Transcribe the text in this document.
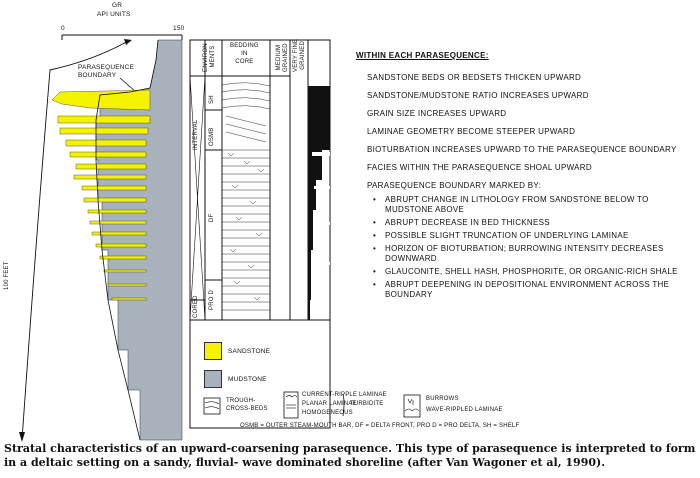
GR
API UNITS
0	150
PARASEQUENCE
BOUNDARY
100 FEET
ENVIRON-
MENTS BEDDING
IN
CORE	MEDIUM
GRAINED VERY FINE
GRAINED
INTERVAL
CORED
SH
OSMB
DF
PRO D
SANDSTONE
MUDSTONE
TROUGH-
CROSS-BEDS
CURRENT-RIPPLE LAMINAE
PLANAR LAMINAE
HOMOGENEOUS
TURBIDITE
BURROWS
WAVE-RIPPLED LAMINAE
OSMB = OUTER STEAM-MOUTH BAR, DF = DELTA FRONT, PRO D = PRO DELTA, SH = SHELF
WITHIN EACH PARASEQUENCE:
SANDSTONE BEDS OR BEDSETS THICKEN UPWARD
SANDSTONE/MUDSTONE RATIO INCREASES UPWARD
GRAIN SIZE INCREASES UPWARD
LAMINAE GEOMETRY BECOME STEEPER UPWARD
BIOTURBATION INCREASES UPWARD TO THE PARASEQUENCE BOUNDARY
FACIES WITHIN THE PARASEQUENCE SHOAL UPWARD
PARASEQUENCE BOUNDARY MARKED BY:
• ABRUPT CHANGE IN LITHOLOGY FROM SANDSTONE BELOW TO MUDSTONE ABOVE
• ABRUPT DECREASE IN BED THICKNESS
• POSSIBLE SLIGHT TRUNCATION OF UNDERLYING LAMINAE
• HORIZON OF BIOTURBATION; BURROWING INTENSITY DECREASES DOWNWARD
• GLAUCONITE, SHELL HASH, PHOSPHORITE, OR ORGANIC-RICH SHALE
• ABRUPT DEEPENING IN DEPOSITIONAL ENVIRONMENT ACROSS THE BOUNDARY
Stratal characteristics of an upward-coarsening parasequence. This type of parasequence is interpreted to form in a deltaic setting on a sandy, fluvial- wave dominated shoreline (after Van Wagoner et al, 1990).
